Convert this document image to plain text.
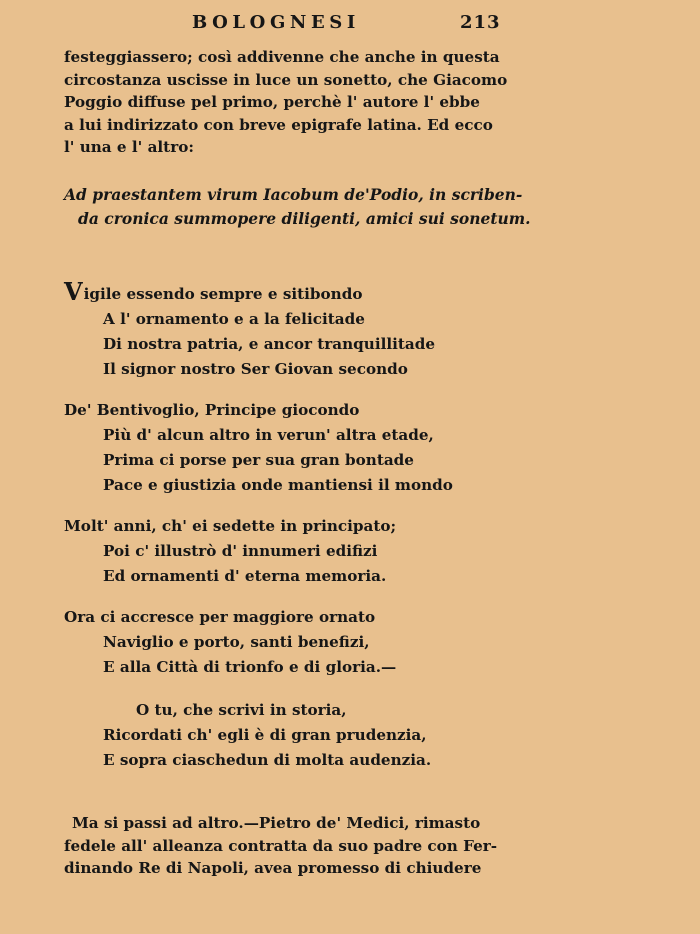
BOLOGNESI	213
festeggiassero; così addivenne che anche in questa
circostanza uscisse in luce un sonetto, che Giacomo
Poggio diffuse pel primo, perchè l' autore l' ebbe
a lui indirizzato con breve epigrafe latina. Ed ecco
l' una e l' altro:
Ad praestantem virum Iacobum de'Podio, in scriben-
da cronica summopere diligenti, amici sui sonetum.
Vigile essendo sempre e sitibondo
A l' ornamento e a la felicitade
Di nostra patria, e ancor tranquillitade
Il signor nostro Ser Giovan secondo
De' Bentivoglio, Principe giocondo
Più d' alcun altro in verun' altra etade,
Prima ci porse per sua gran bontade
Pace e giustizia onde mantiensi il mondo
Molt' anni, ch' ei sedette in principato;
Poi c' illustrò d' innumeri edifizi
Ed ornamenti d' eterna memoria.
Ora ci accresce per maggiore ornato
Naviglio e porto, santi benefizi,
E alla Città di trionfo e di gloria.—
O tu, che scrivi in storia,
Ricordati ch' egli è di gran prudenzia,
E sopra ciaschedun di molta audenzia.
Ma si passi ad altro.—Pietro de' Medici, rimasto
fedele all' alleanza contratta da suo padre con Fer-
dinando Re di Napoli, avea promesso di chiudere
